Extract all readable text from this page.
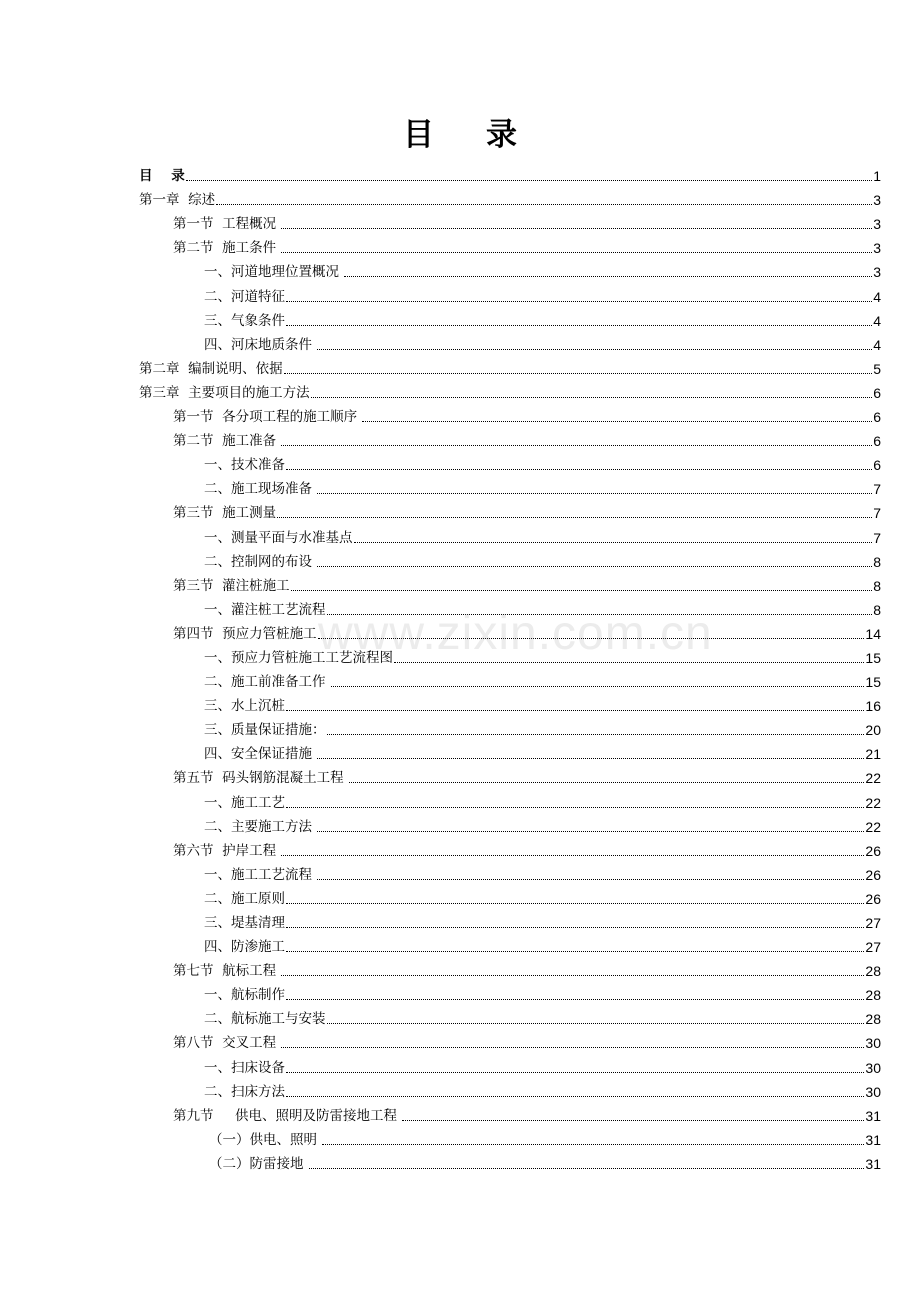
目 录
目    录	1
第一章  综述	3
第一节  工程概况	3
第二节  施工条件	3
一、河道地理位置概况	3
二、河道特征	4
三、气象条件	4
四、河床地质条件	4
第二章  编制说明、依据	5
第三章  主要项目的施工方法	6
第一节  各分项工程的施工顺序	6
第二节  施工准备	6
一、技术准备	6
二、施工现场准备	7
第三节  施工测量	7
一、测量平面与水准基点	7
二、控制网的布设	8
第三节  灌注桩施工	8
一、灌注桩工艺流程	8
第四节  预应力管桩施工	14
一、预应力管桩施工工艺流程图	15
二、施工前准备工作	15
三、水上沉桩	16
三、质量保证措施：	20
四、安全保证措施	21
第五节  码头钢筋混凝土工程	22
一、施工工艺	22
二、主要施工方法	22
第六节  护岸工程	26
一、施工工艺流程	26
二、施工原则	26
三、堤基清理	27
四、防渗施工	27
第七节  航标工程	28
一、航标制作	28
二、航标施工与安装	28
第八节  交叉工程	30
一、扫床设备	30
二、扫床方法	30
第九节     供电、照明及防雷接地工程	31
（一）供电、照明	31
（二）防雷接地	31
www.zixin.com.cn
